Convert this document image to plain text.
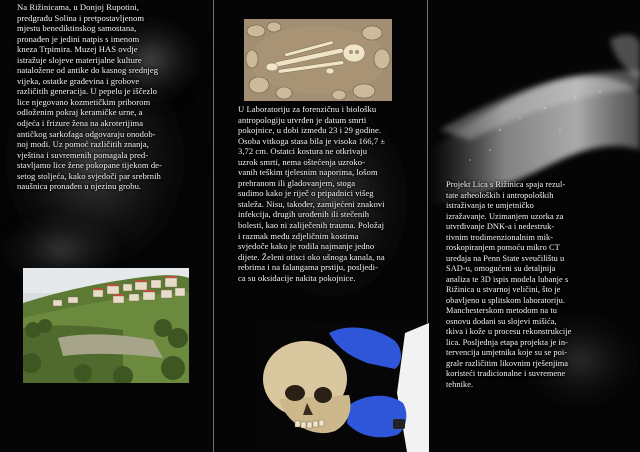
Na Rižinicama, u Donjoj Rupotini,
predgrađu Solina i pretpostavljenom
mjestu benediktinskog samostana,
pronađen je jedini natpis s imenom
kneza Trpimira. Muzej HAS ovdje
istražuje slojeve materijalne kulture
nataložene od antike do kasnog srednjeg
vijeka, ostatke građevina i grobove
različitih generacija. U pepelu je iščezlo
lice njegovano kozmetičkim priborom
odloženim pokraj keramičke urne, a
odjeća i frizure žena na akroterijima
antičkog sarkofaga odgovaraju onodob-
noj modi. Uz pomoć različitih znanja,
vještina i suvremenih pomagala pred-
stavljamo lice žene pokopane tijekom de-
setog stoljeća, kako svjedoči par srebrnih
naušnica pronađen u njezinu grobu.
U Laboratoriju za forenzičnu i biološku
antropologiju utvrđen je datum smrti
pokojnice, u dobi između 23 i 29 godine.
Osoba vitkoga stasa bila je visoka 166,7 ±
3,72 cm. Ostatci kostura ne otkrivaju
uzrok smrti, nema oštećenja uzroko-
vanih teškim tjelesnim naporima, lošom
prehranom ili gladovanjem, stoga
sudimo kako je riječ o pripadnici višeg
staleža. Nisu, također, zamijećeni znakovi
infekcija, drugih urođenih ili stečenih
bolesti, kao ni zaliječenih trauma. Položaj
i razmak među zdjeličnim kostima
svjedoče kako je rodila najmanje jedno
dijete. Želeni otisci oko ušnoga kanala, na
rebrima i na falangama prstiju, posljedi-
ca su oksidacije nakita pokojnice.
Projekt Lica s Rižinica spaja rezul-
tate arheoloških i antropoloških
istraživanja te umjetničko
izražavanje. Uzimanjem uzorka za
utvrđivanje DNK-a i nedestruk-
tivnim trodimenzionalnim mik-
roskopiranjem pomoću mikro CT
uređaja na Penn State sveučilištu u
SAD-u, omogućeni su detaljnija
analiza te 3D ispis modela lubanje s
Rižinica u stvarnoj veličini, što je
obavljeno u splitskom laboratoriju.
Manchesterskom metodom na tu
osnovu dodani su slojevi mišića,
tkiva i kože u procesu rekonstrukcije
lica. Posljednja etapa projekta je in-
tervencija umjetnika koje su se poi-
grale različitim likovnim rješenjima
koristeći tradicionalne i suvremene
tehnike.
